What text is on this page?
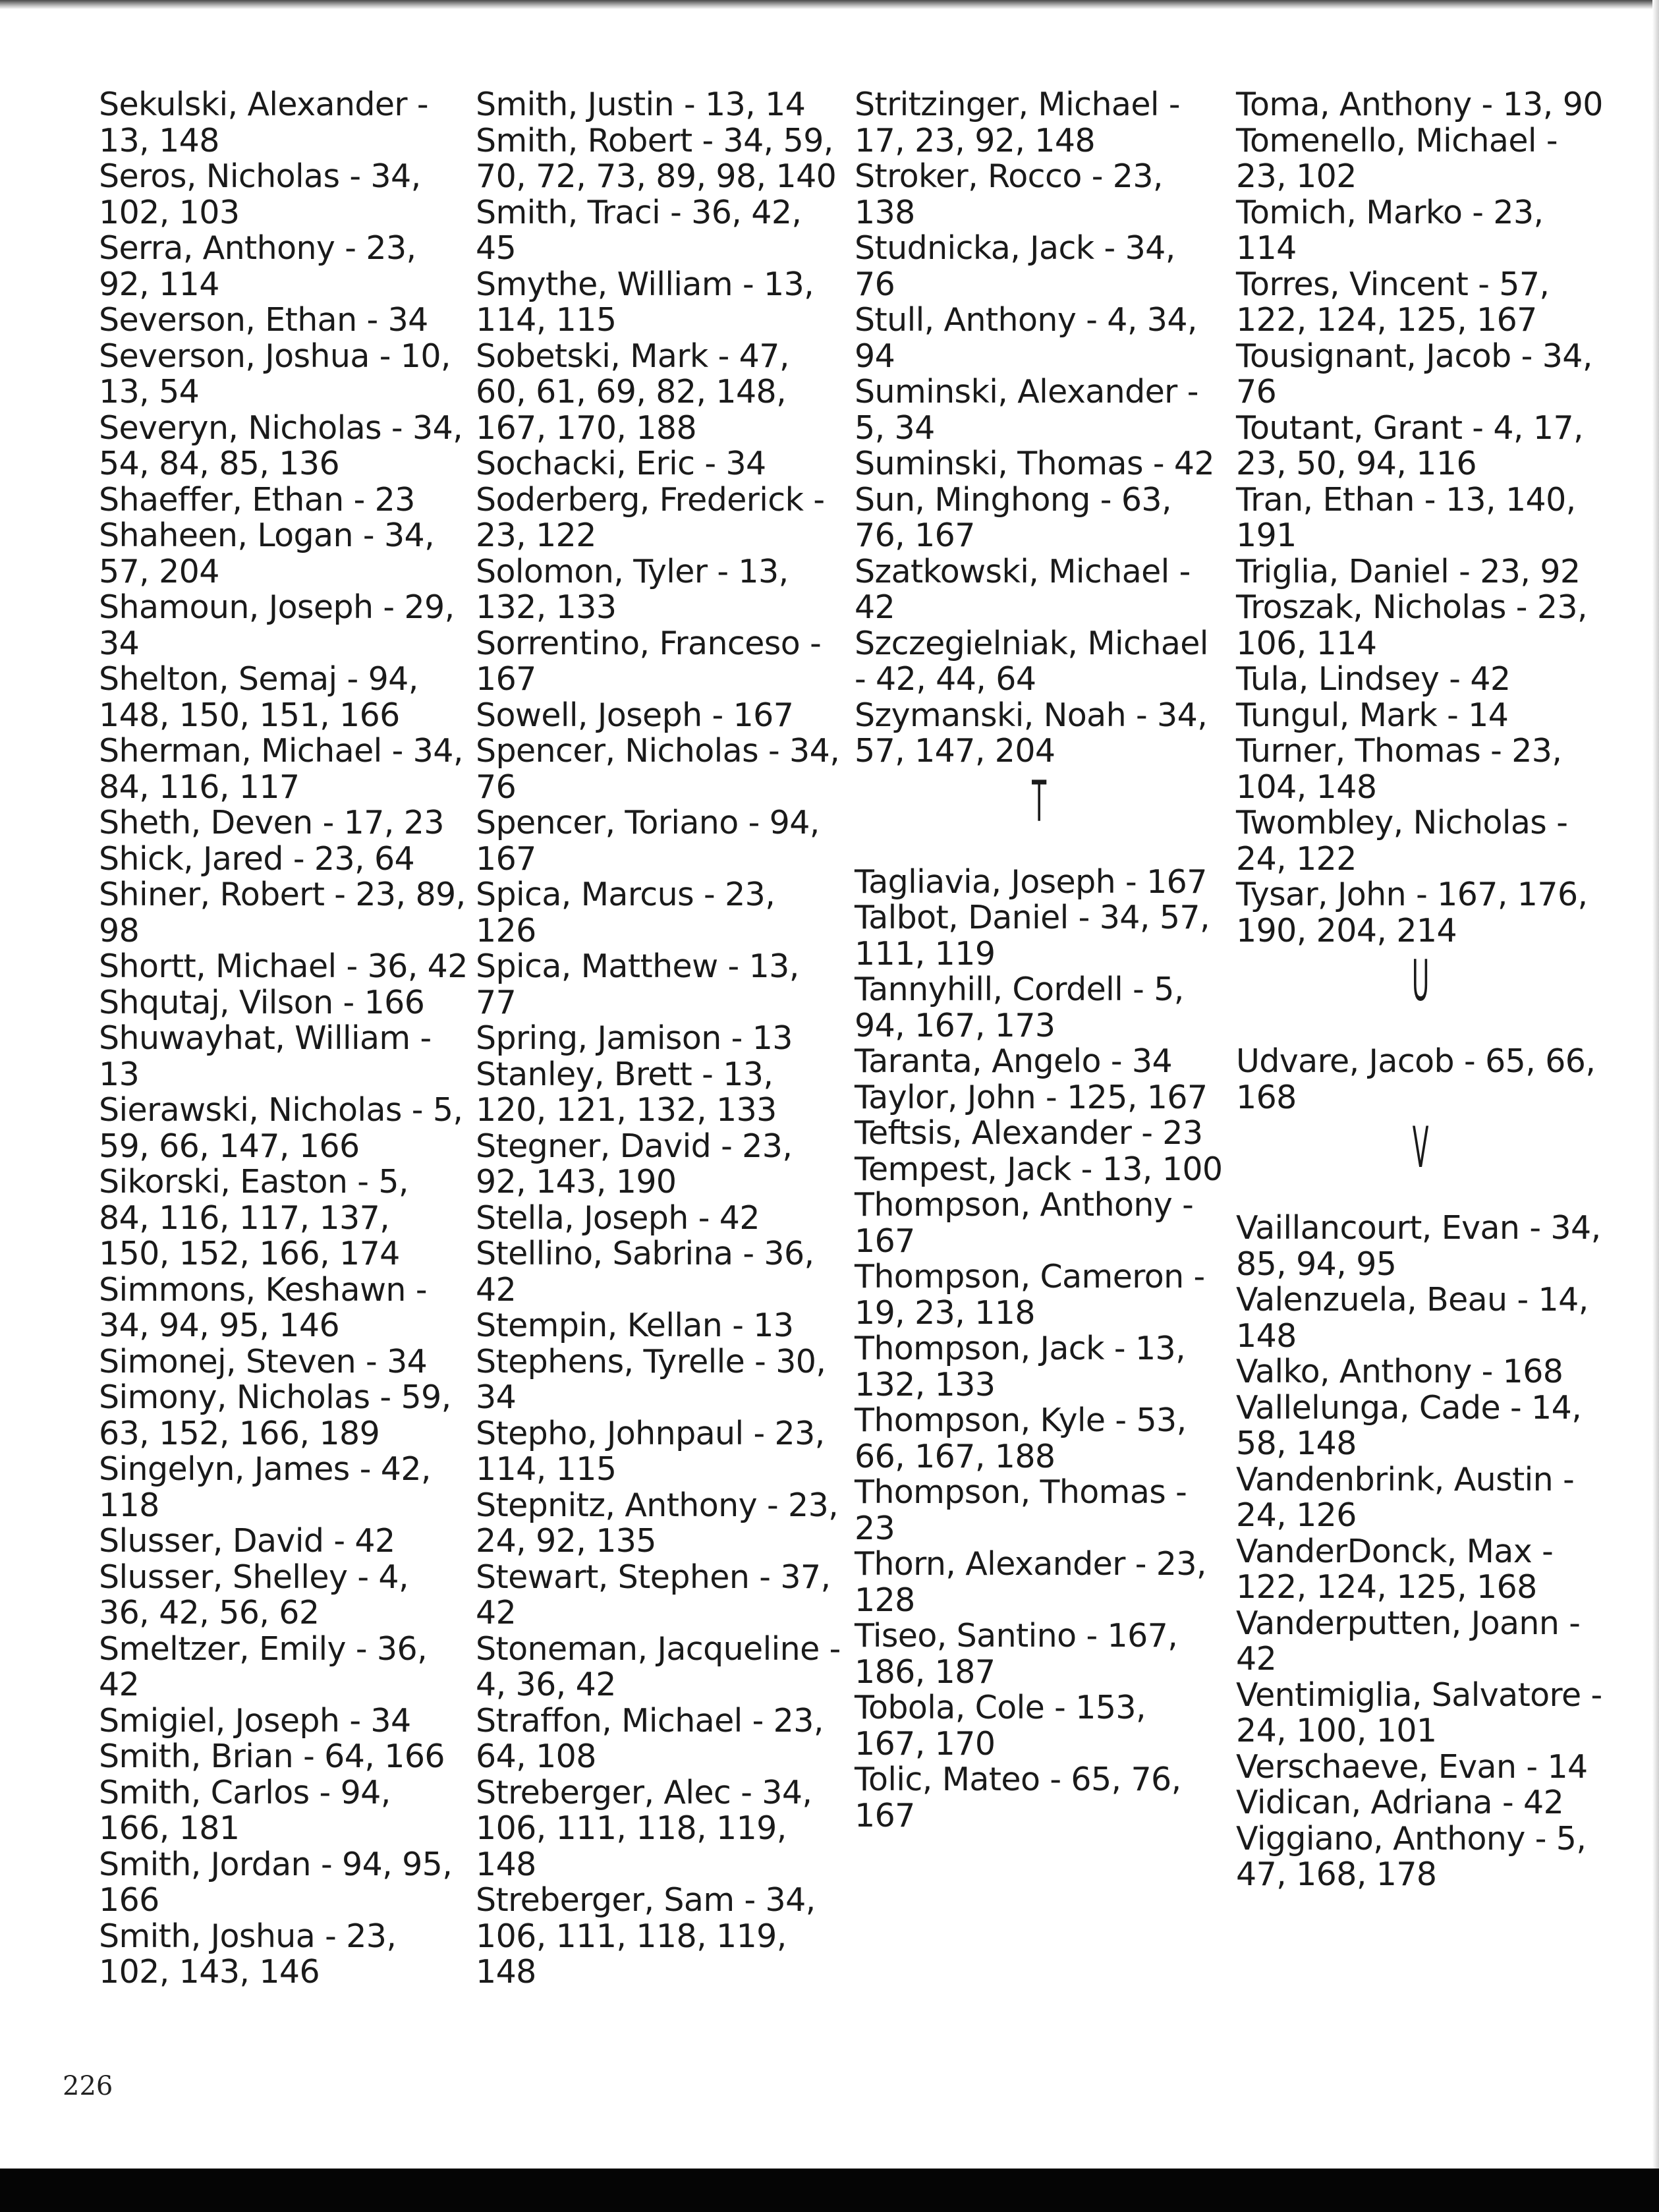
Sekulski, Alexander - 13, 148

Seros, Nicholas - 34, 102, 103

Serra, Anthony - 23, 92, 114

Severson, Ethan - 34

Severson, Joshua - 10, 13, 54

Severyn, Nicholas - 34, 54, 84, 85, 136

Shaeffer, Ethan - 23

Shaheen, Logan - 34, 57, 204

Shamoun, Joseph - 29, 34

Shelton, Semaj - 94, 148, 150, 151, 166

Sherman, Michael - 34, 84, 116, 117

Sheth, Deven - 17, 23

Shick, Jared - 23, 64

Shiner, Robert - 23, 89, 98

Shortt, Michael - 36, 42

Shqutaj, Vilson - 166

Shuwayhat, William - 13

Sierawski, Nicholas - 5, 59, 66, 147, 166

Sikorski, Easton - 5, 84, 116, 117, 137, 150, 152, 166, 174

Simmons, Keshawn - 34, 94, 95, 146

Simonej, Steven - 34

Simony, Nicholas - 59, 63, 152, 166, 189

Singelyn, James - 42, 118

Slusser, David - 42

Slusser, Shelley - 4, 36, 42, 56, 62

Smeltzer, Emily - 36, 42

Smigiel, Joseph - 34

Smith, Brian - 64, 166

Smith, Carlos - 94, 166, 181

Smith, Jordan - 94, 95, 166

Smith, Joshua - 23, 102, 143, 146

Smith, Justin - 13, 14

Smith, Robert - 34, 59, 70, 72, 73, 89, 98, 140

Smith, Traci - 36, 42, 45

Smythe, William - 13, 114, 115

Sobetski, Mark - 47, 60, 61, 69, 82, 148, 167, 170, 188

Sochacki, Eric - 34

Soderberg, Frederick - 23, 122

Solomon, Tyler - 13, 132, 133

Sorrentino, Franceso - 167

Sowell, Joseph - 167

Spencer, Nicholas - 34, 76

Spencer, Toriano - 94, 167

Spica, Marcus - 23, 126

Spica, Matthew - 13, 77

Spring, Jamison - 13

Stanley, Brett - 13, 120, 121, 132, 133

Stegner, David - 23, 92, 143, 190

Stella, Joseph - 42

Stellino, Sabrina - 36, 42

Stempin, Kellan - 13

Stephens, Tyrelle - 30, 34

Stepho, Johnpaul - 23, 114, 115

Stepnitz, Anthony - 23, 24, 92, 135

Stewart, Stephen - 37, 42

Stoneman, Jacqueline - 4, 36, 42

Straffon, Michael - 23, 64, 108

Streberger, Alec - 34, 106, 111, 118, 119, 148

Streberger, Sam - 34, 106, 111, 118, 119, 148

Stritzinger, Michael - 17, 23, 92, 148

Stroker, Rocco - 23, 138

Studnicka, Jack - 34, 76

Stull, Anthony - 4, 34, 94

Suminski, Alexander - 5, 34

Suminski, Thomas - 42

Sun, Minghong - 63, 76, 167

Szatkowski, Michael - 42

Szczegielniak, Michael - 42, 44, 64

Szymanski, Noah - 34, 57, 147, 204

T

Tagliavia, Joseph - 167

Talbot, Daniel - 34, 57, 111, 119

Tannyhill, Cordell - 5, 94, 167, 173

Taranta, Angelo - 34

Taylor, John - 125, 167

Teftsis, Alexander - 23

Tempest, Jack - 13, 100

Thompson, Anthony - 167

Thompson, Cameron - 19, 23, 118

Thompson, Jack - 13, 132, 133

Thompson, Kyle - 53, 66, 167, 188

Thompson, Thomas - 23

Thorn, Alexander - 23, 128

Tiseo, Santino - 167, 186, 187

Tobola, Cole - 153, 167, 170

Tolic, Mateo - 65, 76, 167

Toma, Anthony - 13, 90

Tomenello, Michael - 23, 102

Tomich, Marko - 23, 114

Torres, Vincent - 57, 122, 124, 125, 167

Tousignant, Jacob - 34, 76

Toutant, Grant - 4, 17, 23, 50, 94, 116

Tran, Ethan - 13, 140, 191

Triglia, Daniel - 23, 92

Troszak, Nicholas - 23, 106, 114

Tula, Lindsey - 42

Tungul, Mark - 14

Turner, Thomas - 23, 104, 148

Twombley, Nicholas - 24, 122

Tysar, John - 167, 176, 190, 204, 214

U

Udvare, Jacob - 65, 66, 168

V

Vaillancourt, Evan - 34, 85, 94, 95

Valenzuela, Beau - 14, 148

Valko, Anthony - 168

Vallelunga, Cade - 14, 58, 148

Vandenbrink, Austin - 24, 126

VanderDonck, Max - 122, 124, 125, 168

Vanderputten, Joann - 42

Ventimiglia, Salvatore - 24, 100, 101

Verschaeve, Evan - 14

Vidican, Adriana - 42

Viggiano, Anthony - 5, 47, 168, 178

226
